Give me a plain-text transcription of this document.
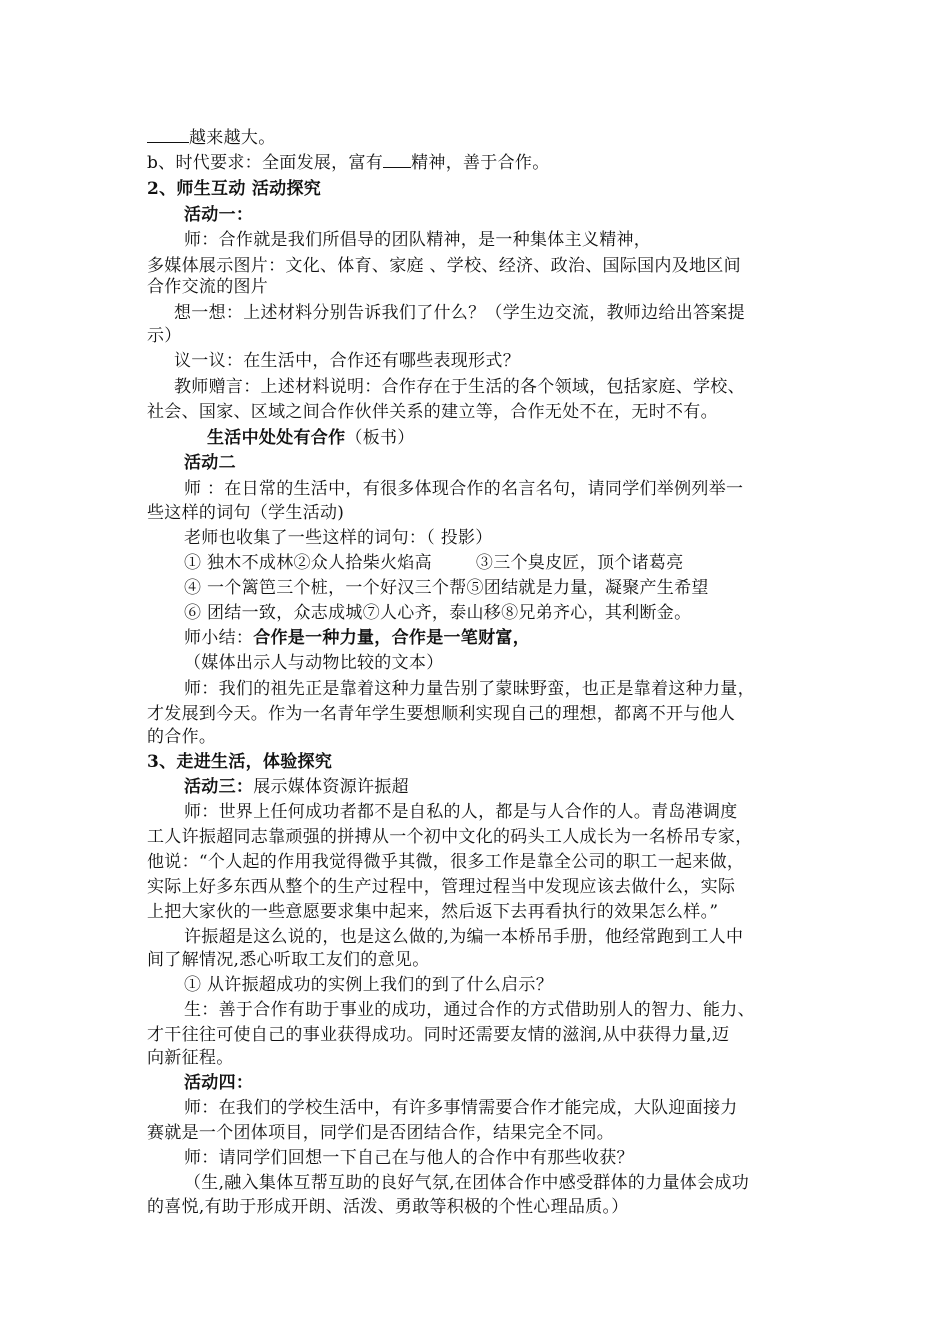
越来越大。
b、时代要求：全面发展，富有 精神，善于合作。
2、师生互动 活动探究
活动一：
师：合作就是我们所倡导的团队精神，是一种集体主义精神，
多媒体展示图片：文化、体育、家庭 、学校、经济、政治、国际国内及地区间
合作交流的图片
想一想：上述材料分别告诉我们了什么？（学生边交流，教师边给出答案提
示）
议一议：在生活中，合作还有哪些表现形式？
教师赠言：上述材料说明：合作存在于生活的各个领域，包括家庭、学校、
社会、国家、区域之间合作伙伴关系的建立等，合作无处不在，无时不有。
生活中处处有合作（板书）
活动二
师 ：在日常的生活中，有很多体现合作的名言名句，请同学们举例列举一
些这样的词句（学生活动)
老师也收集了一些这样的词句：（ 投影）
① 独木不成林②众人拾柴火焰高	③三个臭皮匠，顶个诸葛亮
④ 一个篱笆三个桩，一个好汉三个帮⑤团结就是力量，凝聚产生希望
⑥ 团结一致，众志成城⑦人心齐，泰山移⑧兄弟齐心，其利断金。
师小结：合作是一种力量，合作是一笔财富，
（媒体出示人与动物比较的文本）
师：我们的祖先正是靠着这种力量告别了蒙昧野蛮，也正是靠着这种力量，
才发展到今天。作为一名青年学生要想顺利实现自己的理想，都离不开与他人
的合作。
3、走进生活，体验探究
活动三：展示媒体资源许振超
师：世界上任何成功者都不是自私的人，都是与人合作的人。青岛港调度
工人许振超同志靠顽强的拼搏从一个初中文化的码头工人成长为一名桥吊专家，
他说：“个人起的作用我觉得微乎其微，很多工作是靠全公司的职工一起来做，
实际上好多东西从整个的生产过程中，管理过程当中发现应该去做什么，实际
上把大家伙的一些意愿要求集中起来，然后返下去再看执行的效果怎么样。”
许振超是这么说的，也是这么做的,为编一本桥吊手册，他经常跑到工人中
间了解情况,悉心听取工友们的意见。
① 从许振超成功的实例上我们的到了什么启示？
生：善于合作有助于事业的成功，通过合作的方式借助别人的智力、能力、
才干往往可使自己的事业获得成功。同时还需要友情的滋润,从中获得力量,迈
向新征程。
活动四：
师：在我们的学校生活中，有许多事情需要合作才能完成，大队迎面接力
赛就是一个团体项目，同学们是否团结合作，结果完全不同。
师：请同学们回想一下自己在与他人的合作中有那些收获？
（生,融入集体互帮互助的良好气氛,在团体合作中感受群体的力量体会成功
的喜悦,有助于形成开朗、活泼、勇敢等积极的个性心理品质。）
